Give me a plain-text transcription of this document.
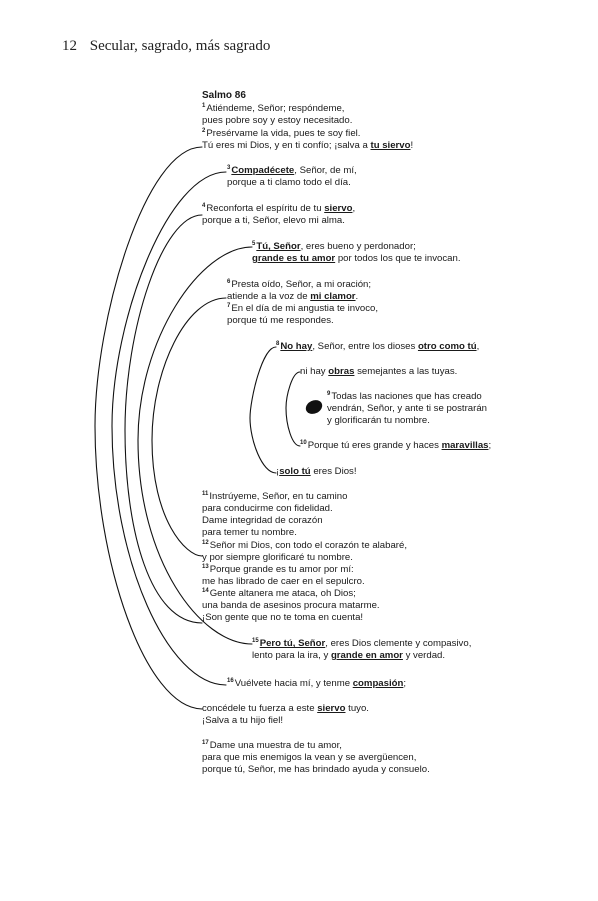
12 Secular, sagrado, más sagrado
Salmo 86
$^1$Atiéndeme, Señor; respóndeme,
pues pobre soy y estoy necesitado.
$^2$Presérvame la vida, pues te soy fiel.
Tú eres mi Dios, y en ti confío; ¡salva a tu siervo!
$^3$Compadécete, Señor, de mí,
porque a ti clamo todo el día.
$^4$Reconforta el espíritu de tu siervo,
porque a ti, Señor, elevo mi alma.
$^5$Tú, Señor, eres bueno y perdonador;
grande es tu amor por todos los que te invocan.
$^6$Presta oído, Señor, a mi oración;
atiende a la voz de mi clamor.
$^7$En el día de mi angustia te invoco,
porque tú me respondes.
$^8$No hay, Señor, entre los dioses otro como tú,
ni hay obras semejantes a las tuyas.
$^9$Todas las naciones que has creado
vendrán, Señor, y ante ti se postrarán
y glorificarán tu nombre.
$^{10}$Porque tú eres grande y haces maravillas;
¡solo tú eres Dios!
$^{11}$Instrúyeme, Señor, en tu camino
para conducirme con fidelidad.
Dame integridad de corazón
para temer tu nombre.
$^{12}$Señor mi Dios, con todo el corazón te alabaré,
y por siempre glorificaré tu nombre.
$^{13}$Porque grande es tu amor por mí:
me has librado de caer en el sepulcro.
$^{14}$Gente altanera me ataca, oh Dios;
una banda de asesinos procura matarme.
¡Son gente que no te toma en cuenta!
$^{15}$Pero tú, Señor, eres Dios clemente y compasivo,
lento para la ira, y grande en amor y verdad.
$^{16}$Vuélvete hacia mí, y tenme compasión;
concédele tu fuerza a este siervo tuyo.
¡Salva a tu hijo fiel!
$^{17}$Dame una muestra de tu amor,
para que mis enemigos la vean y se avergüencen,
porque tú, Señor, me has brindado ayuda y consuelo.
